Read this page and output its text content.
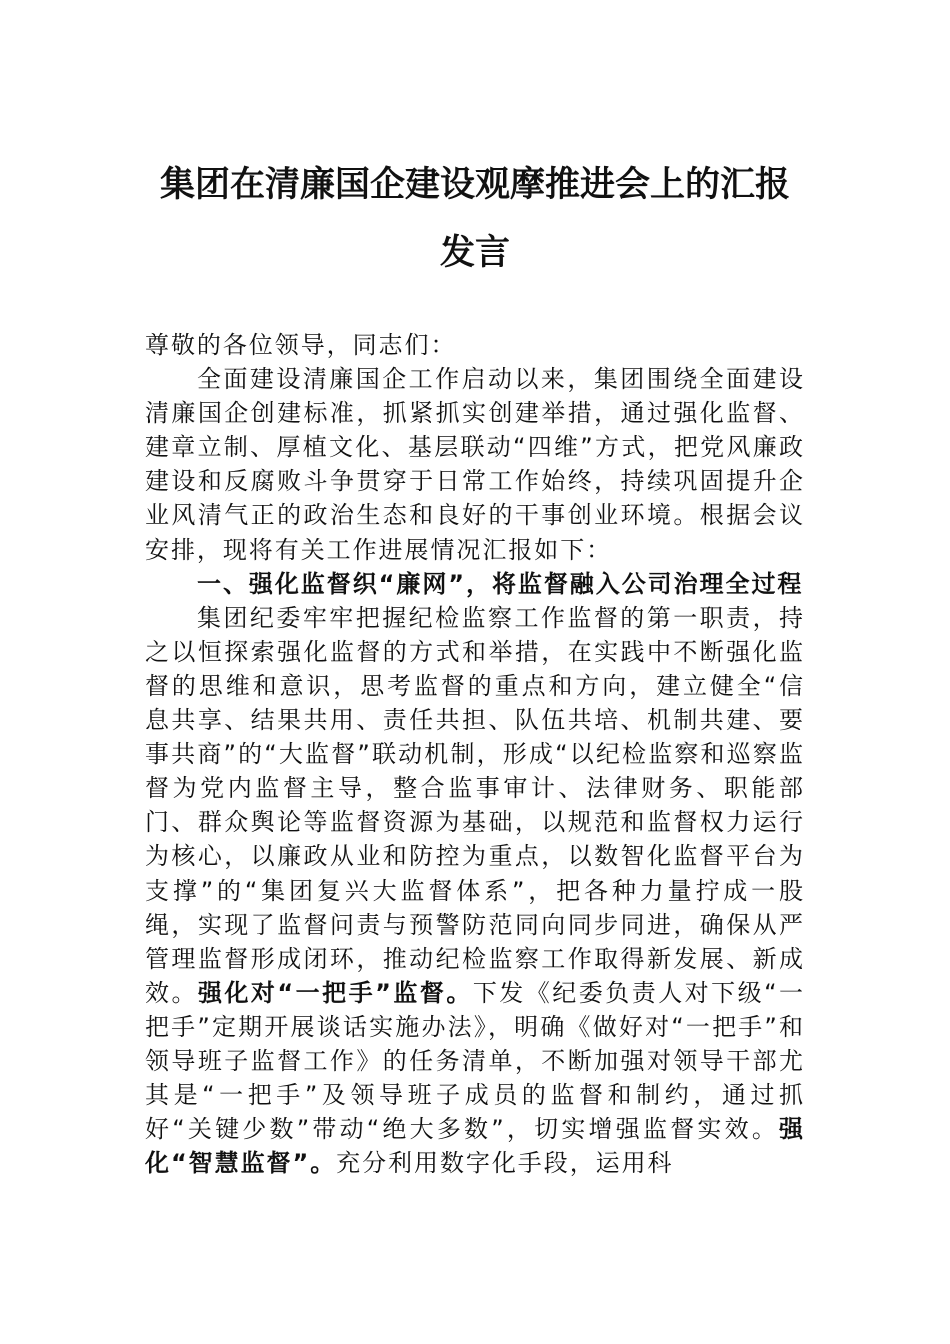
集团在清廉国企建设观摩推进会上的汇报
发言

尊敬的各位领导，同志们：

全面建设清廉国企工作启动以来，集团围绕全面建设清廉国企创建标准，抓紧抓实创建举措，通过强化监督、建章立制、厚植文化、基层联动“四维”方式，把党风廉政建设和反腐败斗争贯穿于日常工作始终，持续巩固提升企业风清气正的政治生态和良好的干事创业环境。根据会议安排，现将有关工作进展情况汇报如下：

一、强化监督织“廉网”，将监督融入公司治理全过程

集团纪委牢牢把握纪检监察工作监督的第一职责，持之以恒探索强化监督的方式和举措，在实践中不断强化监督的思维和意识，思考监督的重点和方向，建立健全“信息共享、结果共用、责任共担、队伍共培、机制共建、要事共商”的“大监督”联动机制，形成“以纪检监察和巡察监督为党内监督主导，整合监事审计、法律财务、职能部门、群众舆论等监督资源为基础，以规范和监督权力运行为核心，以廉政从业和防控为重点，以数智化监督平台为支撑”的“集团复兴大监督体系”，把各种力量拧成一股绳，实现了监督问责与预警防范同向同步同进，确保从严管理监督形成闭环，推动纪检监察工作取得新发展、新成效。强化对“一把手”监督。下发《纪委负责人对下级“一把手”定期开展谈话实施办法》，明确《做好对“一把手”和领导班子监督工作》的任务清单，不断加强对领导干部尤其是“一把手”及领导班子成员的监督和制约，通过抓好“关键少数”带动“绝大多数”，切实增强监督实效。强化“智慧监督”。充分利用数字化手段，运用科
